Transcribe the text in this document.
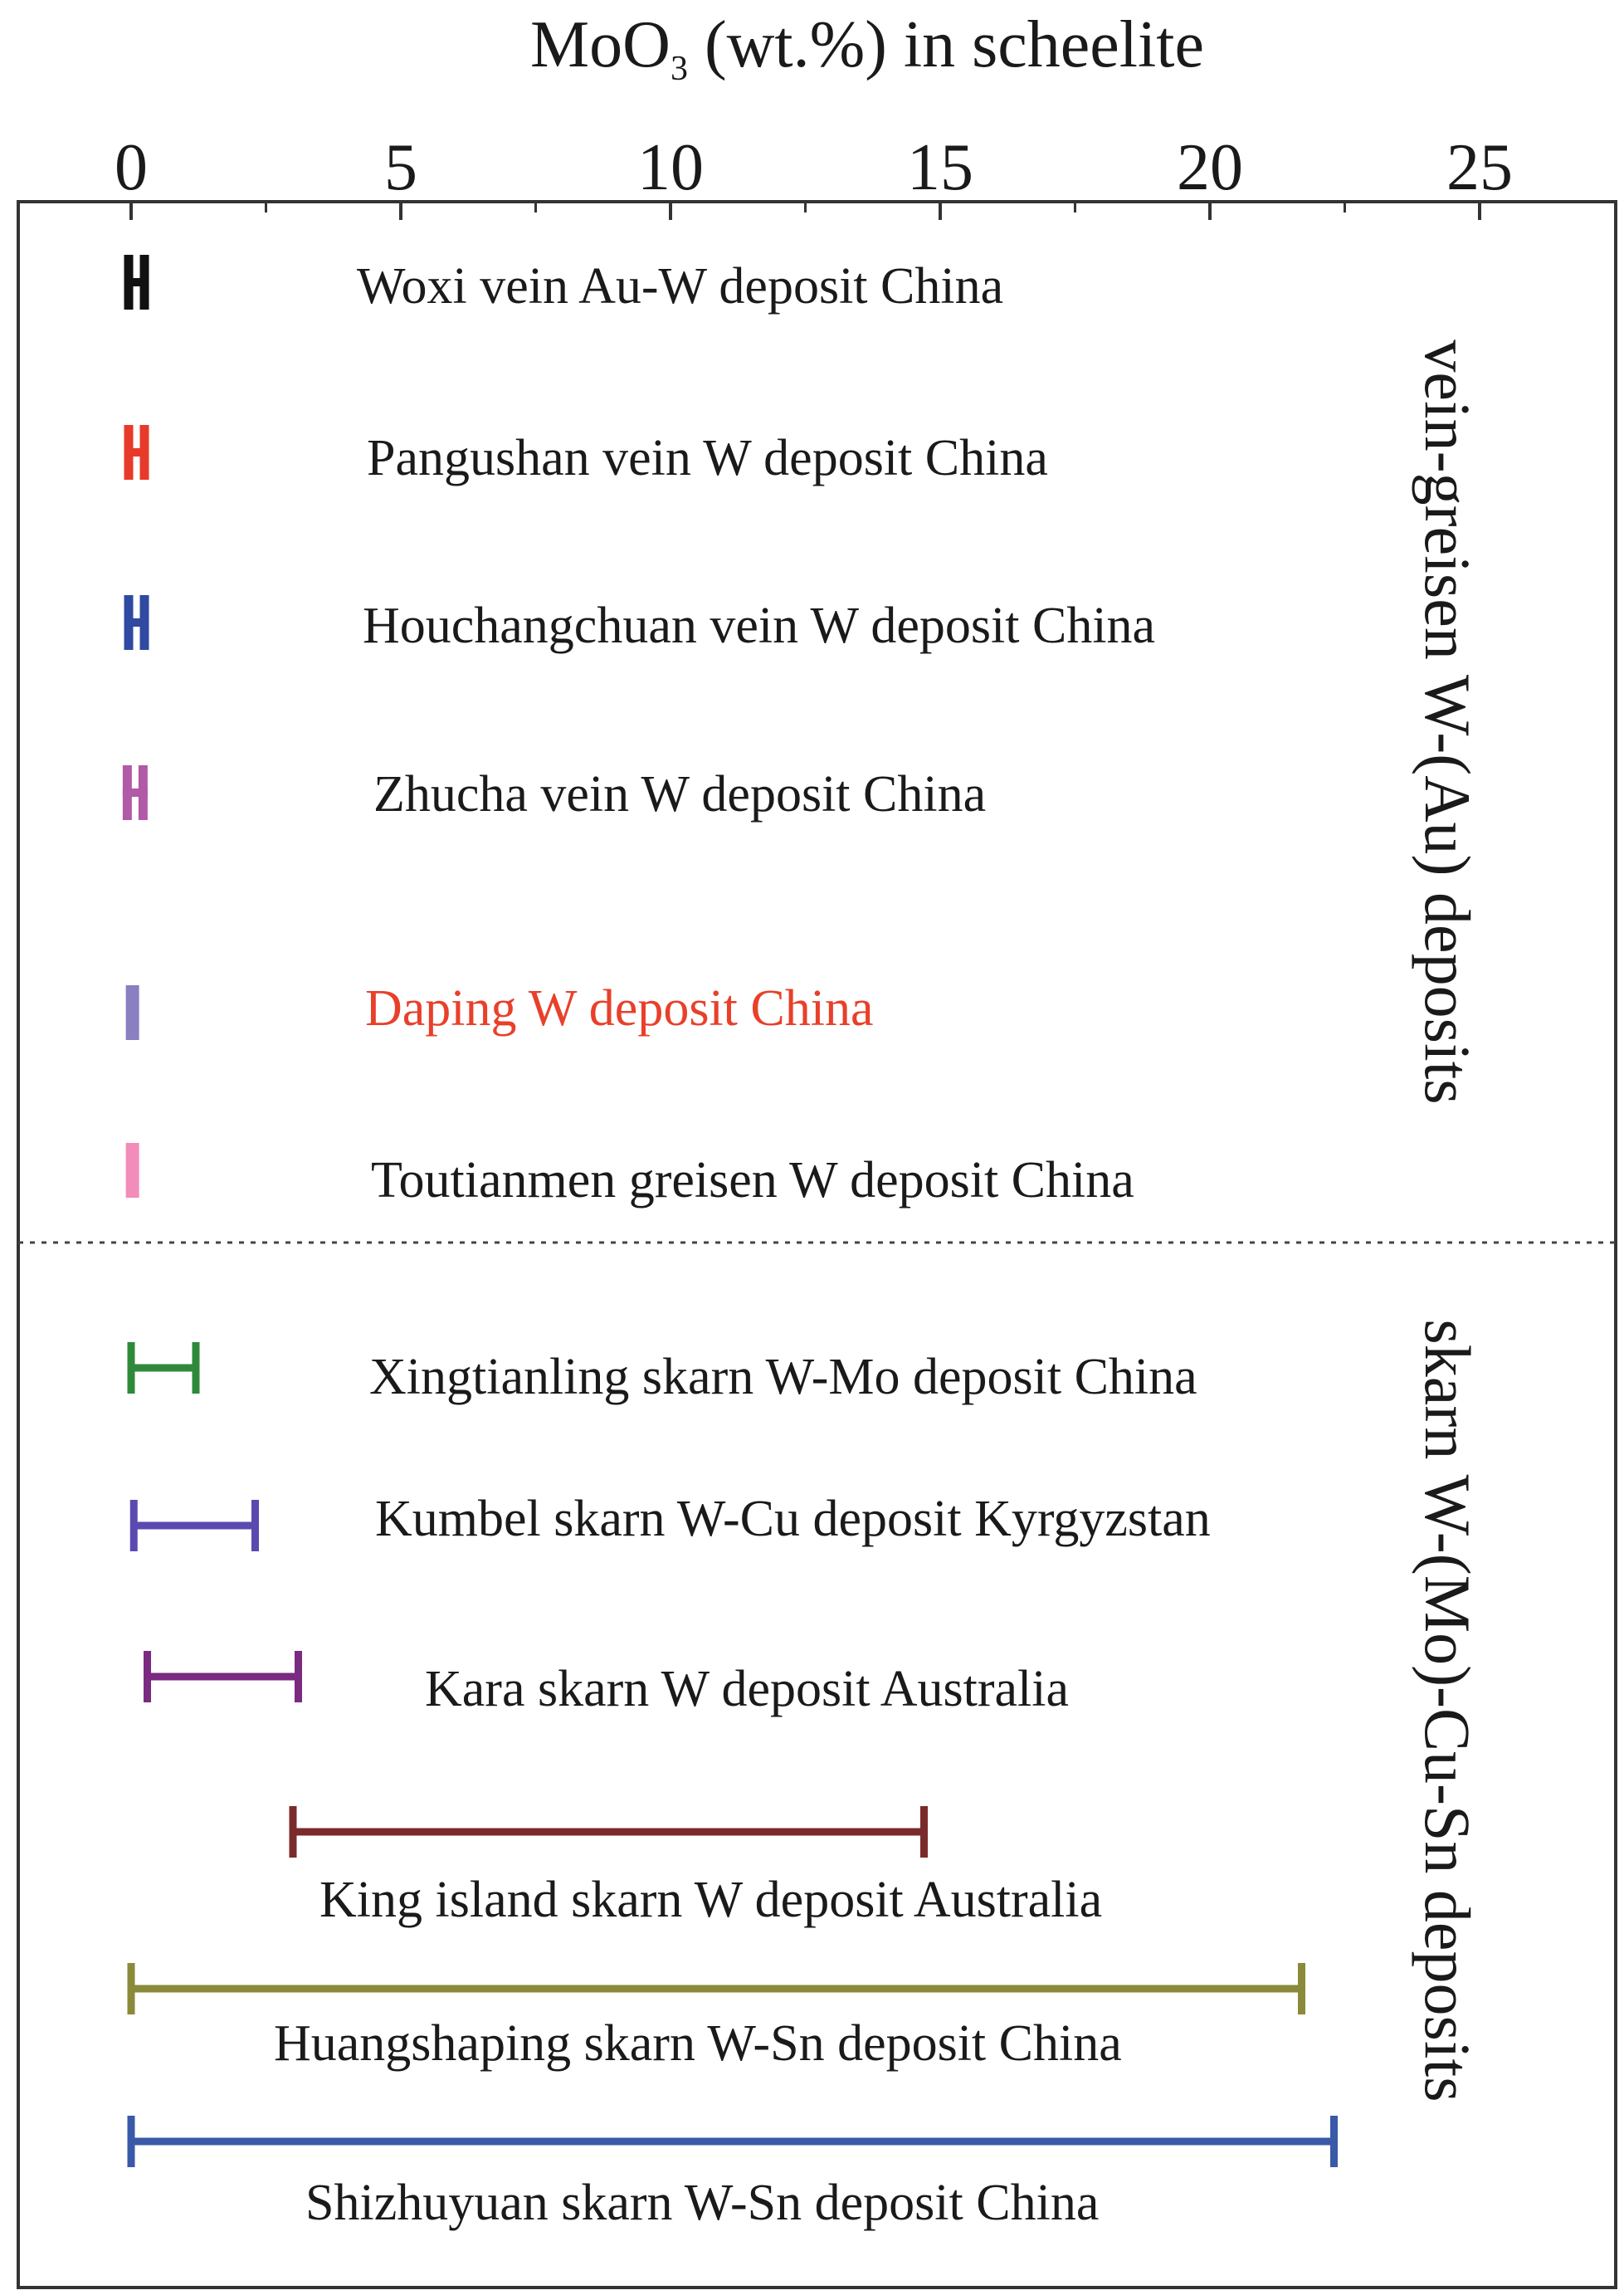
MoO$_3$ (wt.%) in scheelite
0	5	10	15	20	25
vein-greisen W-(Au) deposits
skarn W-(Mo)-Cu-Sn deposits
Woxi vein Au-W deposit China
Pangushan vein W deposit China
Houchangchuan vein W deposit China
Zhucha vein W deposit China
Daping W deposit China
Toutianmen greisen W deposit China
Xingtianling skarn W-Mo deposit China
Kumbel skarn W-Cu deposit Kyrgyzstan
Kara skarn W deposit Australia
King island skarn W deposit Australia
Huangshaping skarn W-Sn deposit China
Shizhuyuan skarn W-Sn deposit China
